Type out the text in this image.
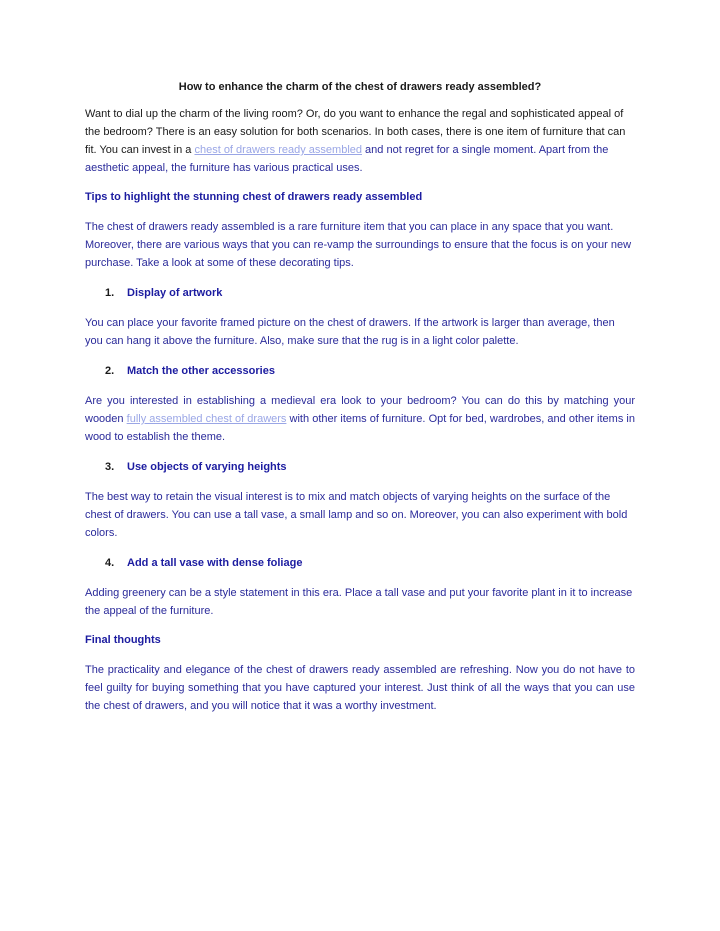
How to enhance the charm of the chest of drawers ready assembled?

Want to dial up the charm of the living room? Or, do you want to enhance the regal and sophisticated appeal of the bedroom? There is an easy solution for both scenarios. In both cases, there is one item of furniture that can fit. You can invest in a chest of drawers ready assembled and not regret for a single moment. Apart from the aesthetic appeal, the furniture has various practical uses.

Tips to highlight the stunning chest of drawers ready assembled

The chest of drawers ready assembled is a rare furniture item that you can place in any space that you want. Moreover, there are various ways that you can re-vamp the surroundings to ensure that the focus is on your new purchase. Take a look at some of these decorating tips.

1. Display of artwork

You can place your favorite framed picture on the chest of drawers. If the artwork is larger than average, then you can hang it above the furniture. Also, make sure that the rug is in a light color palette.

2. Match the other accessories

Are you interested in establishing a medieval era look to your bedroom? You can do this by matching your wooden fully assembled chest of drawers with other items of furniture. Opt for bed, wardrobes, and other items in wood to establish the theme.

3. Use objects of varying heights

The best way to retain the visual interest is to mix and match objects of varying heights on the surface of the chest of drawers. You can use a tall vase, a small lamp and so on. Moreover, you can also experiment with bold colors.

4. Add a tall vase with dense foliage

Adding greenery can be a style statement in this era. Place a tall vase and put your favorite plant in it to increase the appeal of the furniture.

Final thoughts

The practicality and elegance of the chest of drawers ready assembled are refreshing. Now you do not have to feel guilty for buying something that you have captured your interest. Just think of all the ways that you can use the chest of drawers, and you will notice that it was a worthy investment.
